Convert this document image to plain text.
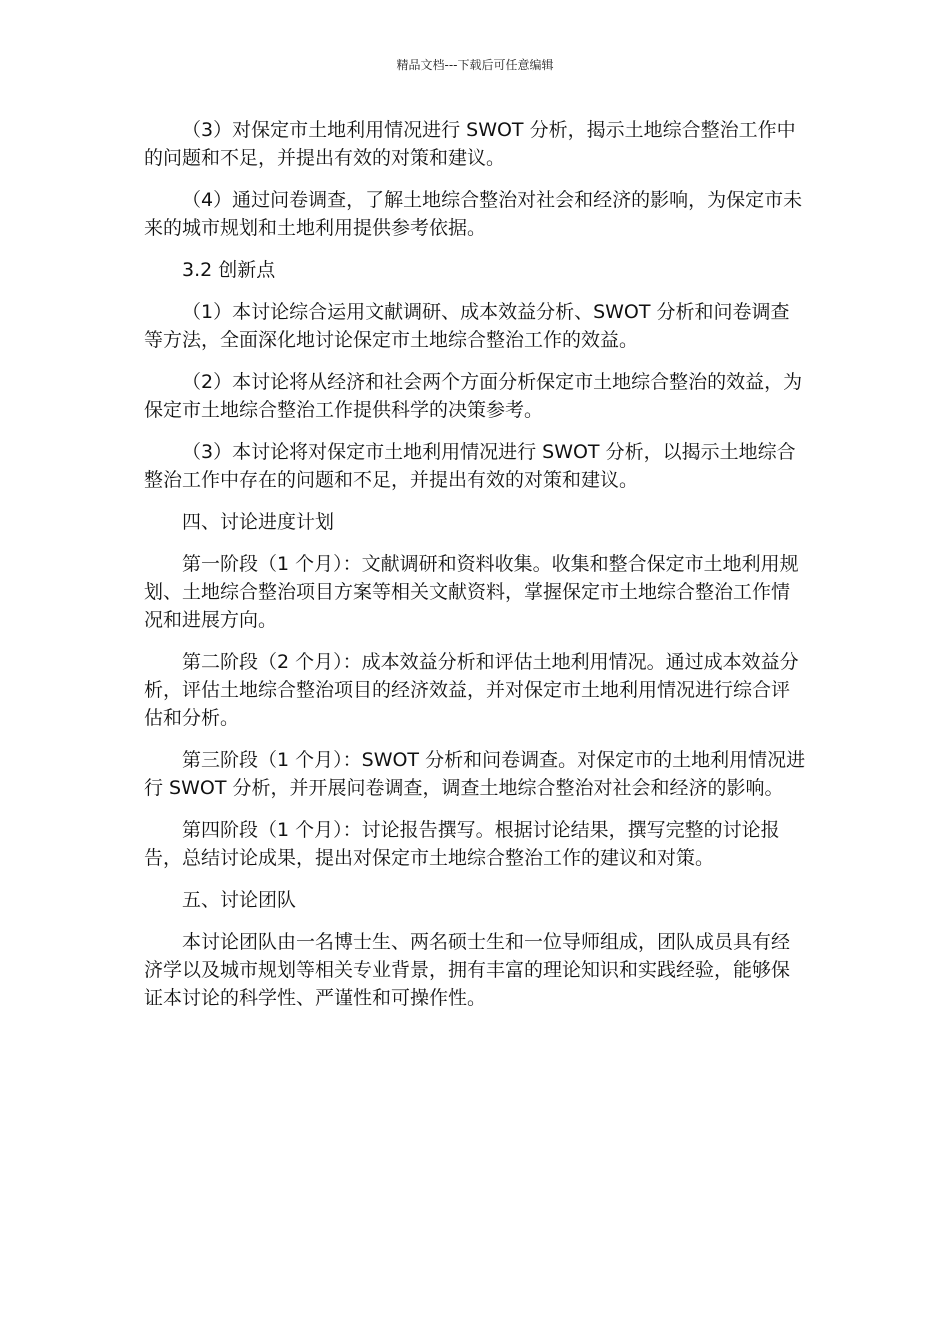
精品文档---下载后可任意编辑

（3）对保定市土地利用情况进行 SWOT 分析，揭示土地综合整治工作中的问题和不足，并提出有效的对策和建议。

（4）通过问卷调查，了解土地综合整治对社会和经济的影响，为保定市未来的城市规划和土地利用提供参考依据。

3.2 创新点

（1）本讨论综合运用文献调研、成本效益分析、SWOT 分析和问卷调查等方法，全面深化地讨论保定市土地综合整治工作的效益。

（2）本讨论将从经济和社会两个方面分析保定市土地综合整治的效益，为保定市土地综合整治工作提供科学的决策参考。

（3）本讨论将对保定市土地利用情况进行 SWOT 分析，以揭示土地综合整治工作中存在的问题和不足，并提出有效的对策和建议。

四、讨论进度计划

第一阶段（1 个月）：文献调研和资料收集。收集和整合保定市土地利用规划、土地综合整治项目方案等相关文献资料，掌握保定市土地综合整治工作情况和进展方向。

第二阶段（2 个月）：成本效益分析和评估土地利用情况。通过成本效益分析，评估土地综合整治项目的经济效益，并对保定市土地利用情况进行综合评估和分析。

第三阶段（1 个月）：SWOT 分析和问卷调查。对保定市的土地利用情况进行 SWOT 分析，并开展问卷调查，调查土地综合整治对社会和经济的影响。

第四阶段（1 个月）：讨论报告撰写。根据讨论结果，撰写完整的讨论报告，总结讨论成果，提出对保定市土地综合整治工作的建议和对策。

五、讨论团队

本讨论团队由一名博士生、两名硕士生和一位导师组成，团队成员具有经济学以及城市规划等相关专业背景，拥有丰富的理论知识和实践经验，能够保证本讨论的科学性、严谨性和可操作性。
